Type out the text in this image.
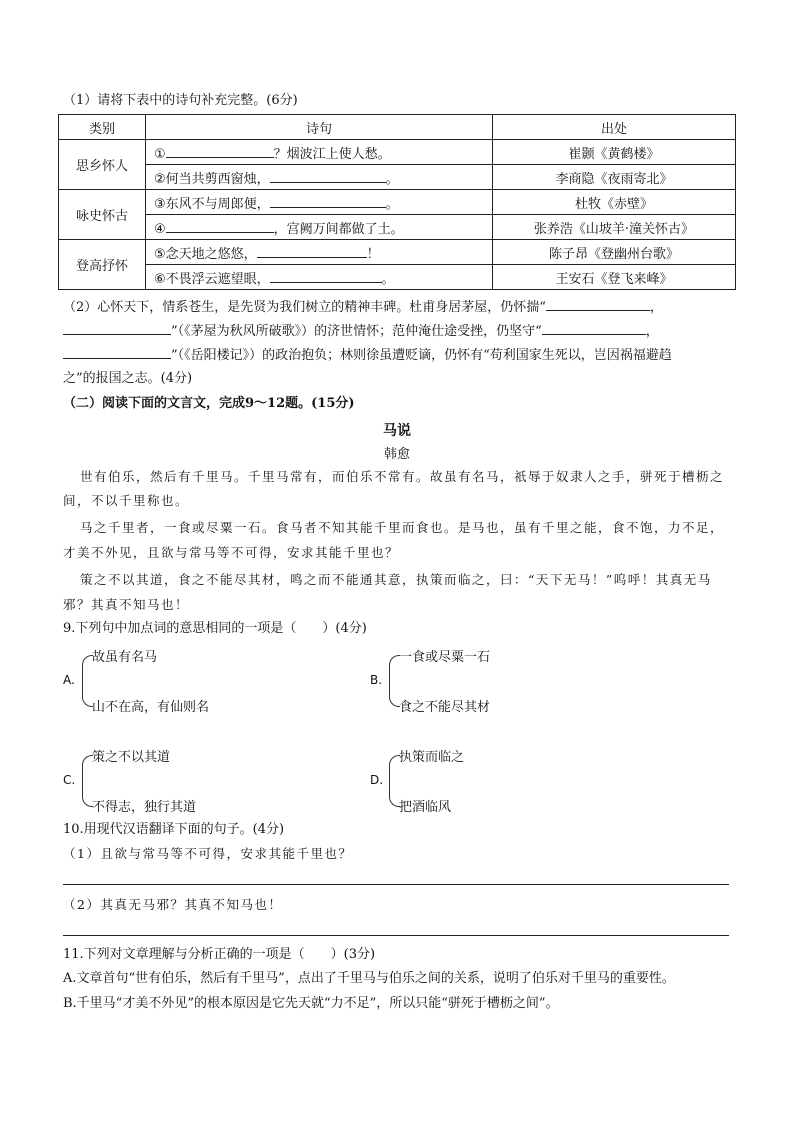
（1）请将下表中的诗句补充完整。(6分)
类别	诗句	出处
思乡怀人	① ？烟波江上使人愁。	崔颢《黄鹤楼》
	②何当共剪西窗烛， 。	李商隐《夜雨寄北》
咏史怀古	③东风不与周郎便， 。	杜牧《赤壁》
	④ ，宫阙万间都做了土。	张养浩《山坡羊·潼关怀古》
登高抒怀	⑤念天地之悠悠， ！	陈子昂《登幽州台歌》
	⑥不畏浮云遮望眼， 。	王安石《登飞来峰》
（2）心怀天下，情系苍生，是先贤为我们树立的精神丰碑。杜甫身居茅屋，仍怀揣“	，
”（《茅屋为秋风所破歌》）的济世情怀；范仲淹仕途受挫，仍坚守“	，
”（《岳阳楼记》）的政治抱负；林则徐虽遭贬谪，仍怀有“苟利国家生死以，岂因祸福避趋
之”的报国之志。(4分)
（二）阅读下面的文言文，完成9～12题。(15分)
马说
韩愈
世有伯乐，然后有千里马。千里马常有，而伯乐不常有。故虽有名马，祇辱于奴隶人之手，骈死于槽枥之
间，不以千里称也。
马之千里者，一食或尽粟一石。食马者不知其能千里而食也。是马也，虽有千里之能，食不饱，力不足，
才美不外见，且欲与常马等不可得，安求其能千里也？
策之不以其道，食之不能尽其材，鸣之而不能通其意，执策而临之，曰：“天下无马！”呜呼！其真无马
邪？其真不知马也！
9.下列句中加点词的意思相同的一项是（　　）(4分)
A.
故虽有名马
山不在高，有仙则名
B.
一食或尽粟一石
食之不能尽其材
C.
策之不以其道
不得志，独行其道
D.
执策而临之
把酒临风
10.用现代汉语翻译下面的句子。(4分)
（1）且欲与常马等不可得，安求其能千里也？
（2）其真无马邪？其真不知马也！
11.下列对文章理解与分析正确的一项是（　　）(3分)
A.文章首句“世有伯乐，然后有千里马”，点出了千里马与伯乐之间的关系，说明了伯乐对千里马的重要性。
B.千里马“才美不外见”的根本原因是它先天就“力不足”，所以只能“骈死于槽枥之间”。
